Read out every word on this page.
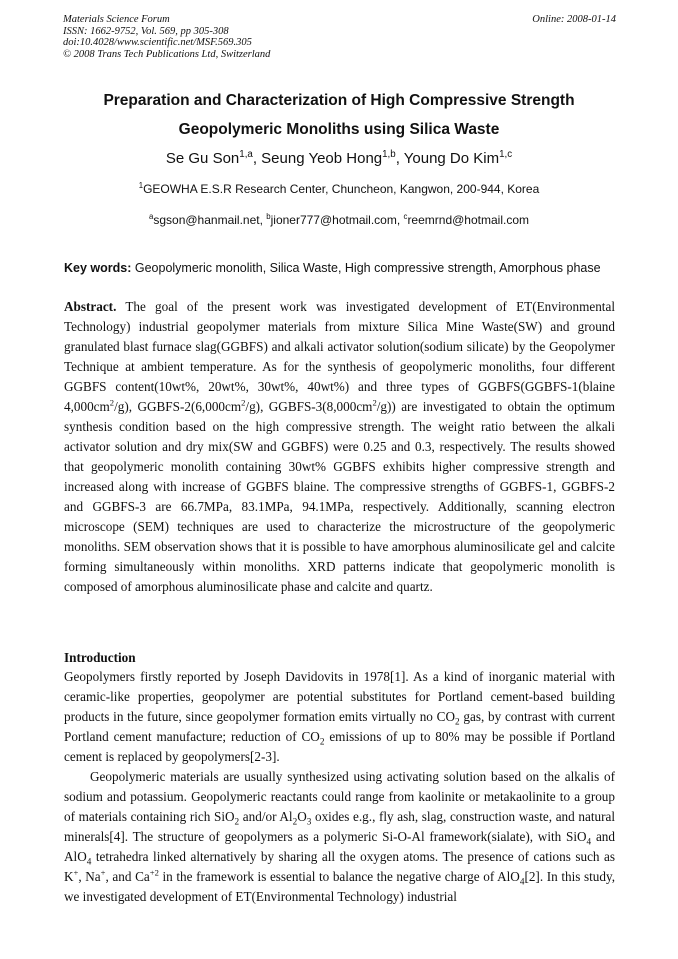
Materials Science Forum
ISSN: 1662-9752, Vol. 569, pp 305-308
doi:10.4028/www.scientific.net/MSF.569.305
© 2008 Trans Tech Publications Ltd, Switzerland
Online: 2008-01-14
Preparation and Characterization of High Compressive Strength
Geopolymeric Monoliths using Silica Waste
Se Gu Son$^{1,a}$, Seung Yeob Hong$^{1,b}$, Young Do Kim$^{1,c}$
$^1$GEOWHA E.S.R Research Center, Chuncheon, Kangwon, 200-944, Korea
$^a$sgson@hanmail.net, $^b$jioner777@hotmail.com, $^c$reemrnd@hotmail.com
Key words: Geopolymeric monolith, Silica Waste, High compressive strength, Amorphous phase
Abstract. The goal of the present work was investigated development of ET(Environmental Technology) industrial geopolymer materials from mixture Silica Mine Waste(SW) and ground granulated blast furnace slag(GGBFS) and alkali activator solution(sodium silicate) by the Geopolymer Technique at ambient temperature. As for the synthesis of geopolymeric monoliths, four different GGBFS content(10wt%, 20wt%, 30wt%, 40wt%) and three types of GGBFS(GGBFS-1(blaine $4,000cm^2/g$), GGBFS-$2(6,000cm^2/g)$, GGBFS-$3(8,000cm^2/g)$) are investigated to obtain the optimum synthesis condition based on the high compressive strength. The weight ratio between the alkali activator solution and dry mix(SW and GGBFS) were 0.25 and 0.3, respectively. The results showed that geopolymeric monolith containing 30wt% GGBFS exhibits higher compressive strength and increased along with increase of GGBFS blaine. The compressive strengths of GGBFS-1, GGBFS-2 and GGBFS-3 are 66.7MPa, 83.1MPa, 94.1MPa, respectively. Additionally, scanning electron microscope (SEM) techniques are used to characterize the microstructure of the geopolymeric monoliths. SEM observation shows that it is possible to have amorphous aluminosilicate gel and calcite forming simultaneously within monoliths. XRD patterns indicate that geopolymeric monolith is composed of amorphous aluminosilicate phase and calcite and quartz.
Introduction
Geopolymers firstly reported by Joseph Davidovits in 1978[1]. As a kind of inorganic material with ceramic-like properties, geopolymer are potential substitutes for Portland cement-based building products in the future, since geopolymer formation emits virtually no $CO_2$ gas, by contrast with current Portland cement manufacture; reduction of $CO_2$ emissions of up to 80% may be possible if Portland cement is replaced by geopolymers[2-3].
Geopolymeric materials are usually synthesized using activating solution based on the alkalis of sodium and potassium. Geopolymeric reactants could range from kaolinite or metakaolinite to a group of materials containing rich SiO$_2$ and/or $Al_2O_3$ oxides e.g., fly ash, slag, construction waste, and natural minerals[4]. The structure of geopolymers as a polymeric Si-O-Al framework(sialate), with SiO$_4$ and AlO$_4$ tetrahedra linked alternatively by sharing all the oxygen atoms. The presence of cations such as K+, Na+, and $Ca^{+2}$ in the framework is essential to balance the negative charge of AlO$_4$[2]. In this study, we investigated development of ET(Environmental Technology) industrial
